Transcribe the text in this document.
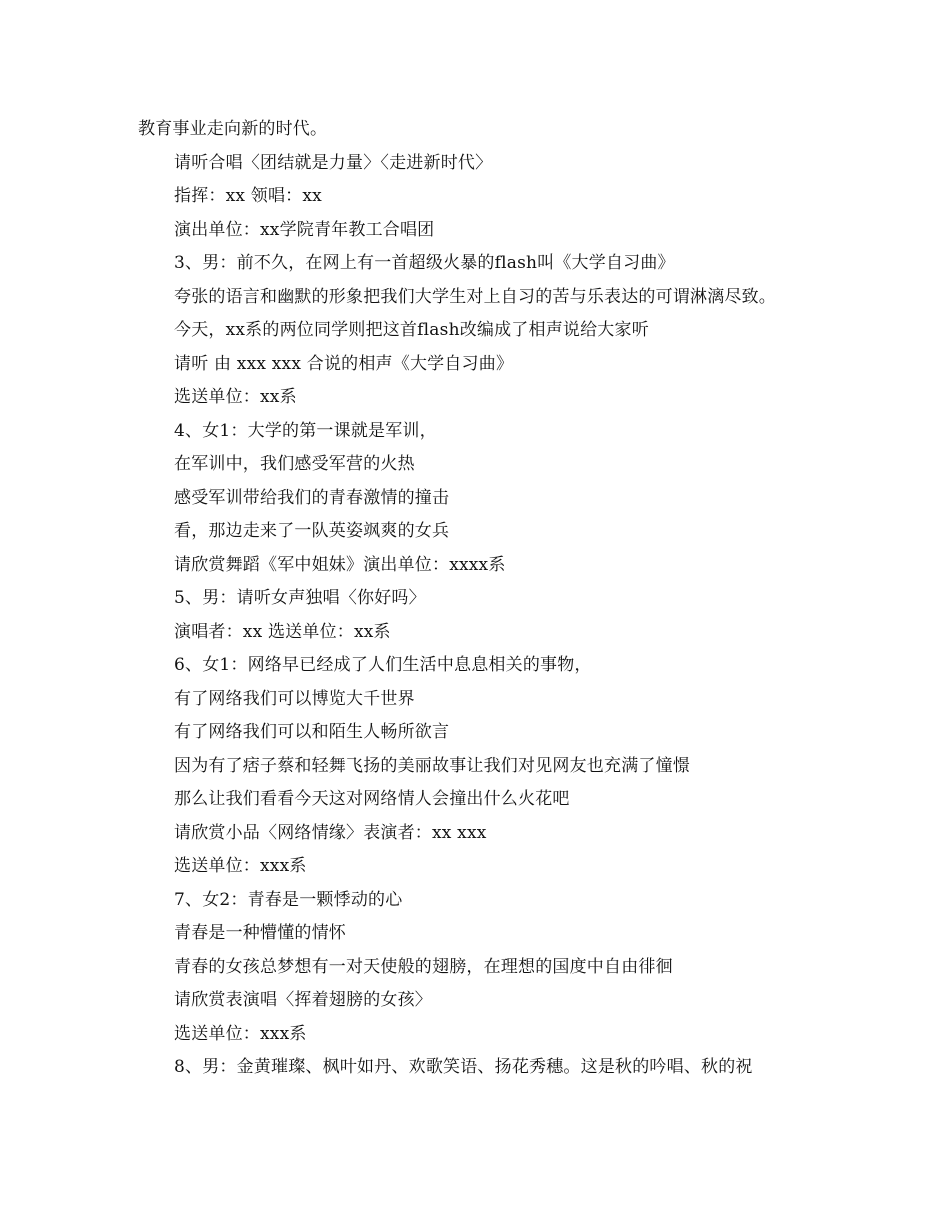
教育事业走向新的时代。
请听合唱〈团结就是力量〉〈走进新时代〉
指挥：xx 领唱：xx
演出单位：xx学院青年教工合唱团
3、男：前不久，在网上有一首超级火暴的flash叫《大学自习曲》
夸张的语言和幽默的形象把我们大学生对上自习的苦与乐表达的可谓淋漓尽致。
今天，xx系的两位同学则把这首flash改编成了相声说给大家听
请听 由 xxx xxx 合说的相声《大学自习曲》
选送单位：xx系
4、女1：大学的第一课就是军训，
在军训中，我们感受军营的火热
感受军训带给我们的青春激情的撞击
看，那边走来了一队英姿飒爽的女兵
请欣赏舞蹈《军中姐妹》演出单位：xxxx系
5、男：请听女声独唱〈你好吗〉
演唱者：xx 选送单位：xx系
6、女1：网络早已经成了人们生活中息息相关的事物，
有了网络我们可以博览大千世界
有了网络我们可以和陌生人畅所欲言
因为有了痞子蔡和轻舞飞扬的美丽故事让我们对见网友也充满了憧憬
那么让我们看看今天这对网络情人会撞出什么火花吧
请欣赏小品〈网络情缘〉表演者：xx xxx
选送单位：xxx系
7、女2：青春是一颗悸动的心
青春是一种懵懂的情怀
青春的女孩总梦想有一对天使般的翅膀，在理想的国度中自由徘徊
请欣赏表演唱〈挥着翅膀的女孩〉
选送单位：xxx系
8、男：金黄璀璨、枫叶如丹、欢歌笑语、扬花秀穗。这是秋的吟唱、秋的祝
